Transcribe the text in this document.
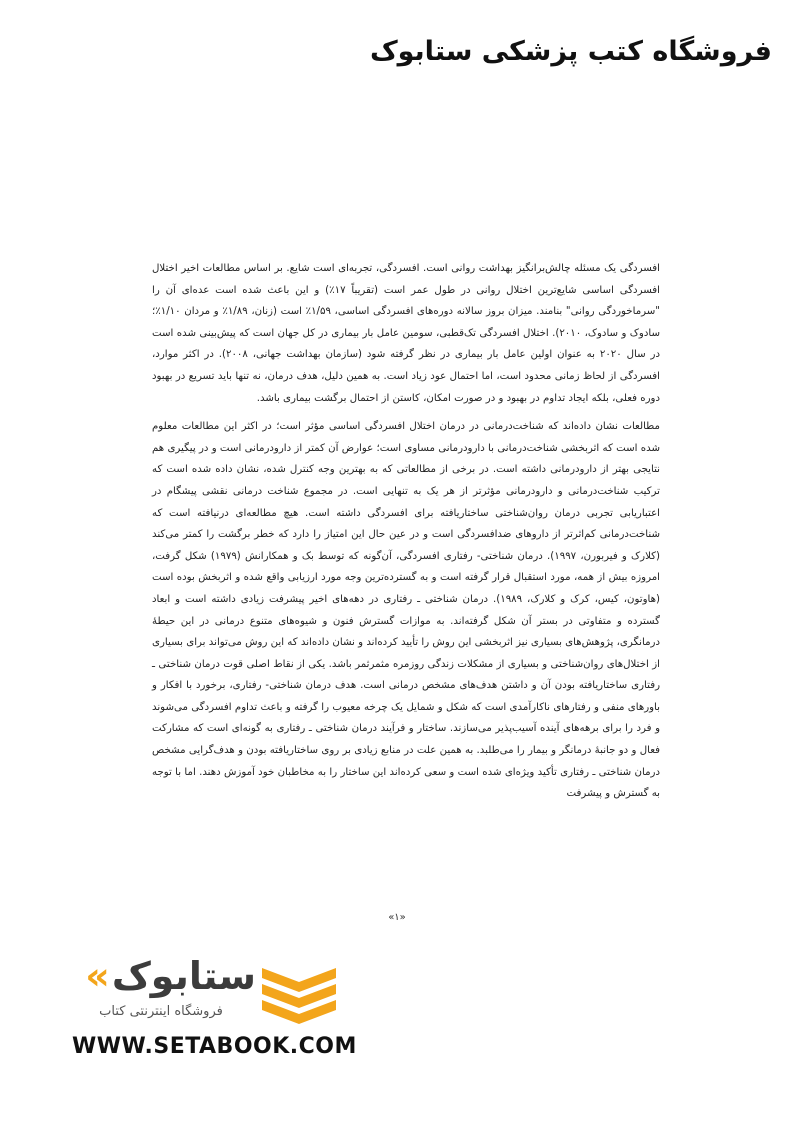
فروشگاه کتب پزشکی ستابوک

افسردگی یک مسئله چالش‌برانگیز بهداشت روانی است. افسردگی، تجربه‌ای است شایع. بر اساس مطالعات اخیر اختلال افسردگی اساسی شایع‌ترین اختلال روانی در طول عمر است (تقریباً ۱۷٪) و این باعث شده است عده‌ای آن را "سرماخوردگی روانی" بنامند. میزان بروز سالانه دوره‌های افسردگی اساسی، ۱/۵۹٪ است (زنان، ۱/۸۹٪ و مردان ۱/۱۰٪؛ سادوک و سادوک، ۲۰۱۰). اختلال افسردگی تک‌قطبی، سومین عامل بار بیماری در کل جهان است که پیش‌بینی شده است در سال ۲۰۲۰ به عنوان اولین عامل بار بیماری در نظر گرفته شود (سازمان بهداشت جهانی، ۲۰۰۸). در اکثر موارد، افسردگی از لحاظ زمانی محدود است، اما احتمال عود زیاد است. به همین دلیل، هدف درمان، نه تنها باید تسریع در بهبود دوره فعلی، بلکه ایجاد تداوم در بهبود و در صورت امکان، کاستن از احتمال برگشت بیماری باشد.

مطالعات نشان داده‌اند که شناخت‌درمانی در درمان اختلال افسردگی اساسی مؤثر است؛ در اکثر این مطالعات معلوم شده است که اثربخشی شناخت‌درمانی با دارودرمانی مساوی است؛ عوارض آن کمتر از دارودرمانی است و در پیگیری هم نتایجی بهتر از دارودرمانی داشته است. در برخی از مطالعاتی که به بهترین وجه کنترل شده، نشان داده شده است که ترکیب شناخت‌درمانی و دارودرمانی مؤثرتر از هر یک به تنهایی است. در مجموع شناخت درمانی نقشی پیشگام در اعتباریابی تجربی درمان روان‌شناختی ساختاریافته برای افسردگی داشته است. هیچ مطالعه‌ای درنیافته است که شناخت‌درمانی کم‌اثرتر از داروهای ضدافسردگی است و در عین حال این امتیاز را دارد که خطر برگشت را کمتر می‌کند (کلارک و فیربورن، ۱۹۹۷). درمان شناختی- رفتاری افسردگی، آن‌گونه که توسط بک و همکارانش (۱۹۷۹) شکل گرفت، امروزه بیش از همه، مورد استقبال قرار گرفته است و به گسترده‌ترین وجه مورد ارزیابی واقع شده و اثربخش بوده است (هاوتون، کیس، کرک و کلارک، ۱۹۸۹). درمان شناختی ـ رفتاری در دهه‌های اخیر پیشرفت زیادی داشته است و ابعاد گسترده و متفاوتی در بستر آن شکل گرفته‌اند. به موازات گسترش فنون و شیوه‌های متنوع درمانی در این حیطهٔ درمانگری، پژوهش‌های بسیاری نیز اثربخشی این روش را تأیید کرده‌اند و نشان داده‌اند که این روش می‌تواند برای بسیاری از اختلال‌های روان‌شناختی و بسیاری از مشکلات زندگی روزمره مثمرثمر باشد. یکی از نقاط اصلی قوت درمان شناختی ـ رفتاری ساختاریافته بودن آن و داشتن هدف‌های مشخص درمانی است. هدف درمان شناختی- رفتاری، برخورد با افکار و باورهای منفی و رفتارهای ناکارآمدی است که شکل و شمایل یک چرخه معیوب را گرفته و باعث تداوم افسردگی می‌شوند و فرد را برای برهه‌های آینده آسیب‌پذیر می‌سازند. ساختار و فرآیند درمان شناختی ـ رفتاری به گونه‌ای است که مشارکت فعال و دو جانبهٔ درمانگر و بیمار را می‌طلبد. به همین علت در منابع زیادی بر روی ساختاریافته بودن و هدف‌گرایی مشخص درمان شناختی ـ رفتاری تأکید ویژه‌ای شده است و سعی کرده‌اند این ساختار را به مخاطبان خود آموزش دهند. اما با توجه به گسترش و پیشرفت

«۱»
«ستابوک
فروشگاه اینترنتی کتاب
WWW.SETABOOK.COM
